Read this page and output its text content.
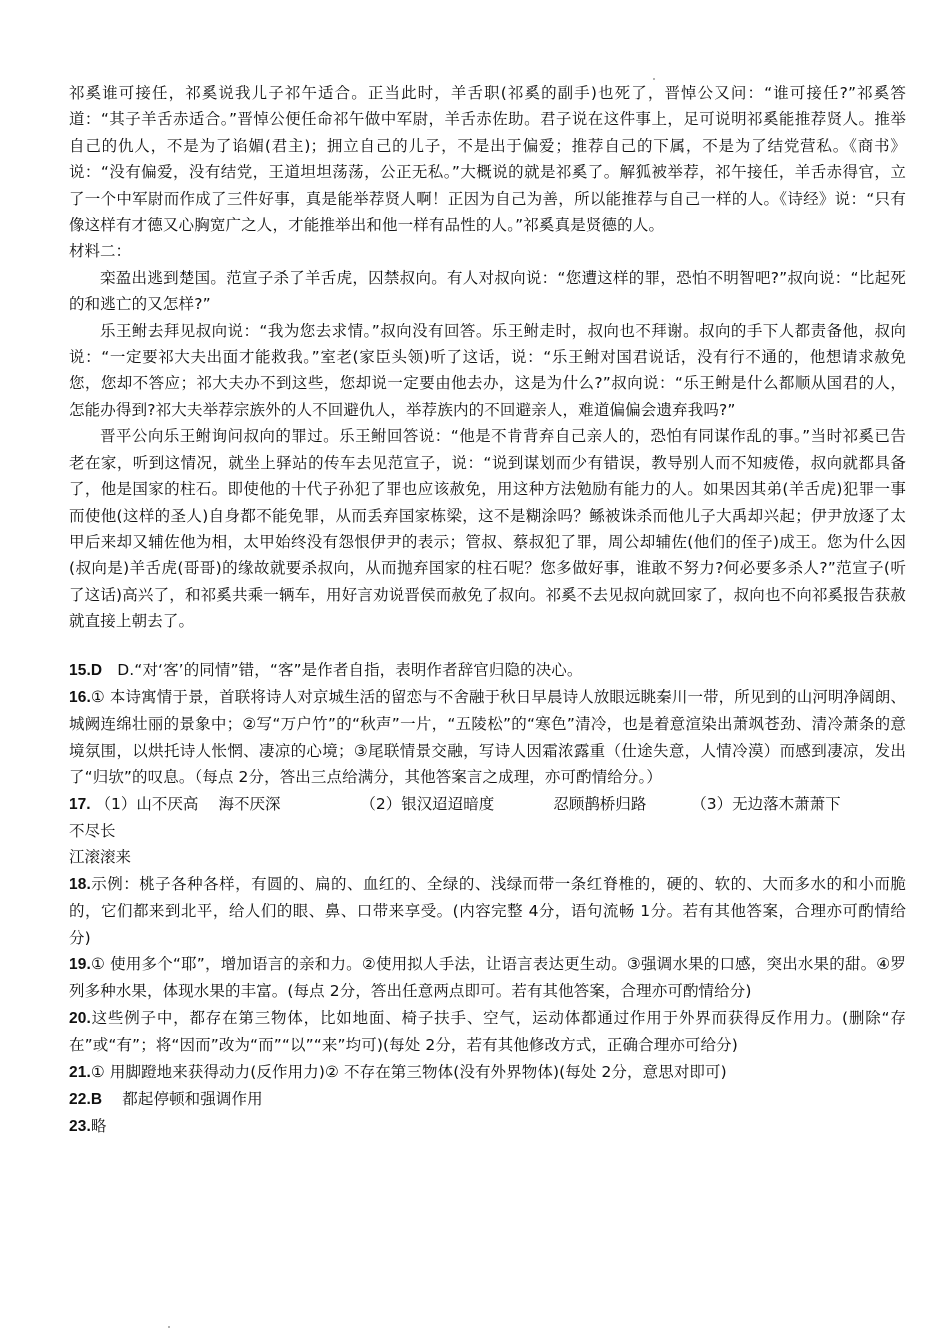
祁奚谁可接任，祁奚说我儿子祁午适合。正当此时，羊舌职(祁奚的副手)也死了，晋悼公又问：“谁可接任?”祁奚答道：“其子羊舌赤适合。”晋悼公便任命祁午做中军尉，羊舌赤佐助。君子说在这件事上，足可说明祁奚能推荐贤人。推举自己的仇人，不是为了谄媚(君主)；拥立自己的儿子，不是出于偏爱；推荐自己的下属，不是为了结党营私。《商书》说：“没有偏爱，没有结党，王道坦坦荡荡，公正无私。”大概说的就是祁奚了。解狐被举荐，祁午接任，羊舌赤得官，立了一个中军尉而作成了三件好事，真是能举荐贤人啊！正因为自己为善，所以能推荐与自己一样的人。《诗经》说：“只有像这样有才德又心胸宽广之人，才能推举出和他一样有品性的人。”祁奚真是贤德的人。

材料二：

栾盈出逃到楚国。范宣子杀了羊舌虎，囚禁叔向。有人对叔向说：“您遭这样的罪，恐怕不明智吧?”叔向说：“比起死的和逃亡的又怎样?”

乐王鲋去拜见叔向说：“我为您去求情。”叔向没有回答。乐王鲋走时，叔向也不拜谢。叔向的手下人都责备他，叔向说：“一定要祁大夫出面才能救我。”室老(家臣头领)听了这话，说：“乐王鲋对国君说话，没有行不通的，他想请求赦免您，您却不答应；祁大夫办不到这些，您却说一定要由他去办，这是为什么?”叔向说：“乐王鲋是什么都顺从国君的人，怎能办得到?祁大夫举荐宗族外的人不回避仇人，举荐族内的不回避亲人，难道偏偏会遗弃我吗?”

晋平公向乐王鲋询问叔向的罪过。乐王鲋回答说：“他是不肯背弃自己亲人的，恐怕有同谋作乱的事。”当时祁奚已告老在家，听到这情况，就坐上驿站的传车去见范宣子，说：“说到谋划而少有错误，教导别人而不知疲倦，叔向就都具备了，他是国家的柱石。即使他的十代子孙犯了罪也应该赦免，用这种方法勉励有能力的人。如果因其弟(羊舌虎)犯罪一事而使他(这样的圣人)自身都不能免罪，从而丢弃国家栋梁，这不是糊涂吗？鲧被诛杀而他儿子大禹却兴起；伊尹放逐了太甲后来却又辅佐他为相，太甲始终没有怨恨伊尹的表示；管叔、蔡叔犯了罪，周公却辅佐(他们的侄子)成王。您为什么因(叔向是)羊舌虎(哥哥)的缘故就要杀叔向，从而抛弃国家的柱石呢？您多做好事，谁敢不努力?何必要多杀人?”范宣子(听了这话)高兴了，和祁奚共乘一辆车，用好言劝说晋侯而赦免了叔向。祁奚不去见叔向就回家了，叔向也不向祁奚报告获赦就直接上朝去了。

15.D D.“对‘客’的同情”错，“客”是作者自指，表明作者辞官归隐的决心。

16.① 本诗寓情于景，首联将诗人对京城生活的留恋与不舍融于秋日早晨诗人放眼远眺秦川一带，所见到的山河明净阔朗、城阙连绵壮丽的景象中；②写“万户竹”的“秋声”一片，“五陵松”的“寒色”清冷，也是着意渲染出萧飒苍劲、清冷萧条的意境氛围，以烘托诗人怅惘、凄凉的心境；③尾联情景交融，写诗人因霜浓露重（仕途失意，人情冷漠）而感到凄凉，发出了“归欤”的叹息。（每点 2分，答出三点给满分，其他答案言之成理，亦可酌情给分。）

17. （1）山不厌高 海不厌深	（2）银汉迢迢暗度	忍顾鹊桥归路	（3）无边落木萧萧下 不尽长

江滚滚来

18.示例：桃子各种各样，有圆的、扁的、血红的、全绿的、浅绿而带一条红脊椎的，硬的、软的、大而多水的和小而脆的，它们都来到北平，给人们的眼、鼻、口带来享受。(内容完整 4分，语句流畅 1分。若有其他答案，合理亦可酌情给分)

19.① 使用多个“耶”，增加语言的亲和力。②使用拟人手法，让语言表达更生动。③强调水果的口感，突出水果的甜。④罗列多种水果，体现水果的丰富。(每点 2分，答出任意两点即可。若有其他答案，合理亦可酌情给分)

20.这些例子中，都存在第三物体，比如地面、椅子扶手、空气，运动体都通过作用于外界而获得反作用力。(删除“存在”或“有”；将“因而”改为“而”“以”“来”均可)(每处 2分，若有其他修改方式，正确合理亦可给分)

21.① 用脚蹬地来获得动力(反作用力)② 不存在第三物体(没有外界物体)(每处 2分，意思对即可)

22.B 都起停顿和强调作用

23.略
